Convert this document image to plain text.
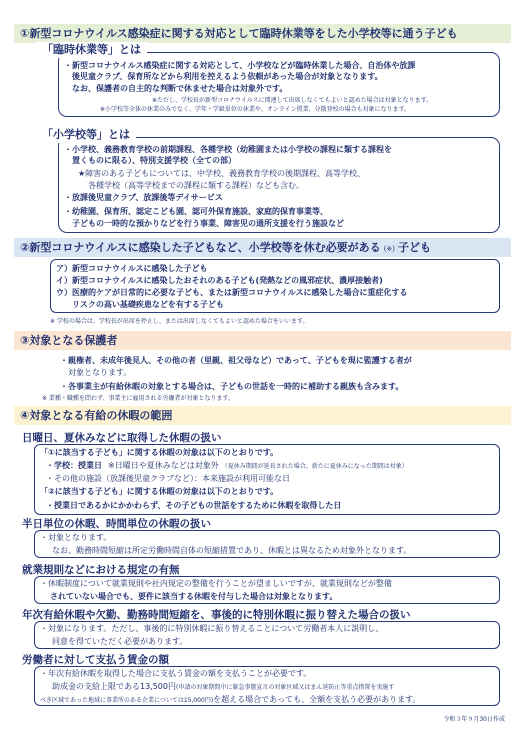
①新型コロナウイルス感染症に関する対応として臨時休業等をした小学校等に通う子ども
「臨時休業等」とは
・新型コロナウイルス感染症に関する対応として、小学校などが臨時休業した場合、自治体や放課
後児童クラブ、保育所などから利用を控えるよう依頼があった場合が対象となります。
なお、保護者の自主的な判断で休ませた場合は対象外です。
※ただし、学校長が新型コロナウイルスに関連して出席しなくてもよいと認めた場合は対象となります。
※小学校等全体の休業のみでなく、学年・学級単位の休業や、オンライン授業、分散登校の場合も対象になります。
「小学校等」とは
・小学校、義務教育学校の前期課程、各種学校（幼稚園または小学校の課程に類する課程を
置くものに限る）、特別支援学校（全ての部）
★障害のある子どもについては、中学校、義務教育学校の後期課程、高等学校、
各種学校（高等学校までの課程に類する課程）なども含む。
・放課後児童クラブ、放課後等デイサービス
・幼稚園、保育所、認定こども園、認可外保育施設、家庭的保育事業等、
子どもの一時的な預かりなどを行う事業、障害児の通所支援を行う施設など
②新型コロナウイルスに感染した子どもなど、小学校等を休む必要がある (※) 子ども
ア）新型コロナウイルスに感染した子ども
イ）新型コロナウイルスに感染したおそれのある子ども(発熱などの風邪症状、濃厚接触者)
ウ）医療的ケアが日常的に必要な子ども、または新型コロナウイルスに感染した場合に重症化する
リスクの高い基礎疾患などを有する子ども
※ 学校の場合は、学校長が出席を停止し、または出席しなくてもよいと認めた場合をいいます。
③対象となる保護者
・親権者、未成年後見人、その他の者（里親、祖父母など）であって、子どもを現に監護する者が
対象となります。
・各事業主が有給休暇の対象とする場合は、子どもの世話を一時的に補助する親族も含みます。
※ 業種・職種を問わず、事業主に雇用される労働者が対象となります。
④対象となる有給の休暇の範囲
日曜日、夏休みなどに取得した休暇の扱い
「①に該当する子ども」に関する休暇の対象は以下のとおりです。
・学校：授業日 ※日曜日や夏休みなどは対象外 （夏休み期間が延長された場合、新たに夏休みになった期間は対象）
・その他の施設（放課後児童クラブなど）：本来施設が利用可能な日
「②に該当する子ども」に関する休暇の対象は以下のとおりです。
・授業日であるかにかかわらず、その子どもの世話をするために休暇を取得した日
半日単位の休暇、時間単位の休暇の扱い
・対象となります。
なお、勤務時間短縮は所定労働時間自体の短縮措置であり、休暇とは異なるため対象外となります。
就業規則などにおける規定の有無
・休暇制度について就業規則や社内規定の整備を行うことが望ましいですが、就業規則などが整備
されていない場合でも、要件に該当する休暇を付与した場合は対象となります。
年次有給休暇や欠勤、勤務時間短縮を、事後的に特別休暇に振り替えた場合の扱い
・対象になります。ただし、事後的に特別休暇に振り替えることについて労働者本人に説明し、
同意を得ていただく必要があります。
労働者に対して支払う賃金の額
・年次有給休暇を取得した場合に支払う賃金の額を支払うことが必要です。
助成金の支給上限である13,500円(申請の対象期間中に緊急事態宣言の対象区域又はまん延防止等重点措置を実施す
べき区域であった地域に事業所のある企業については15,000円)を超える場合であっても、全額を支払う必要があります。
令和３年９月30日作成
